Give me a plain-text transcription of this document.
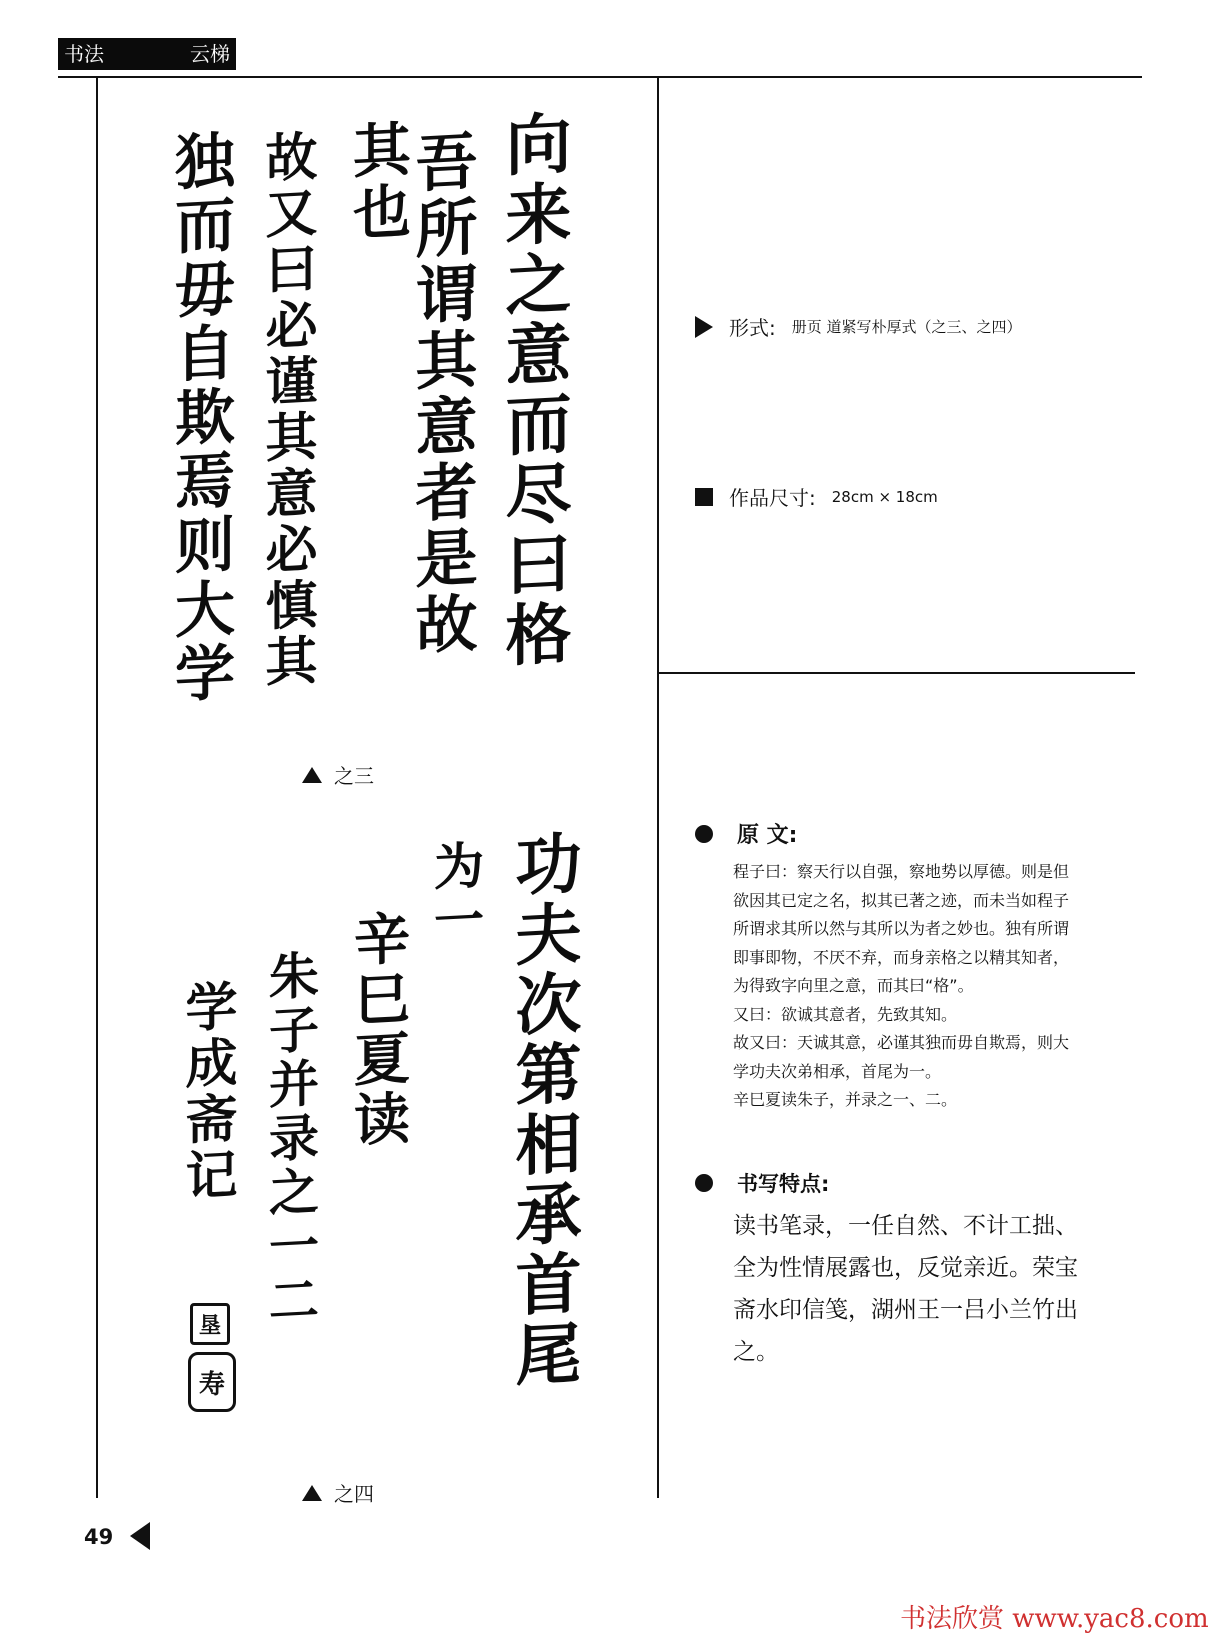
书法	云梯
向来之意而尽曰格
吾所谓其意者是故
其也
故又曰必谨其意必慎其
独而毋自欺焉则大学
之三
功夫次第相承首尾
为一
辛巳夏读
朱子并录之一二
学成斋记
垦
寿
之四
形式: 册页 道紧写朴厚式（之三、之四）
作品尺寸: 28cm × 18cm
原 文:

程子曰：察天行以自强，察地势以厚德。则是但欲因其已定之名，拟其已著之迹，而未当如程子所谓求其所以然与其所以为者之妙也。独有所谓即事即物，不厌不弃，而身亲格之以精其知者，为得致字向里之意，而其曰“格”。

又曰：欲诚其意者，先致其知。

故又曰：天诚其意，必谨其独而毋自欺焉，则大学功夫次弟相承，首尾为一。

辛巳夏读朱子，并录之一、二。

书写特点:
读书笔录，一任自然、不计工拙、全为性情展露也，反觉亲近。荣宝斋水印信笺，湖州王一吕小兰竹出之。
49
书法欣赏 www.yac8.com
